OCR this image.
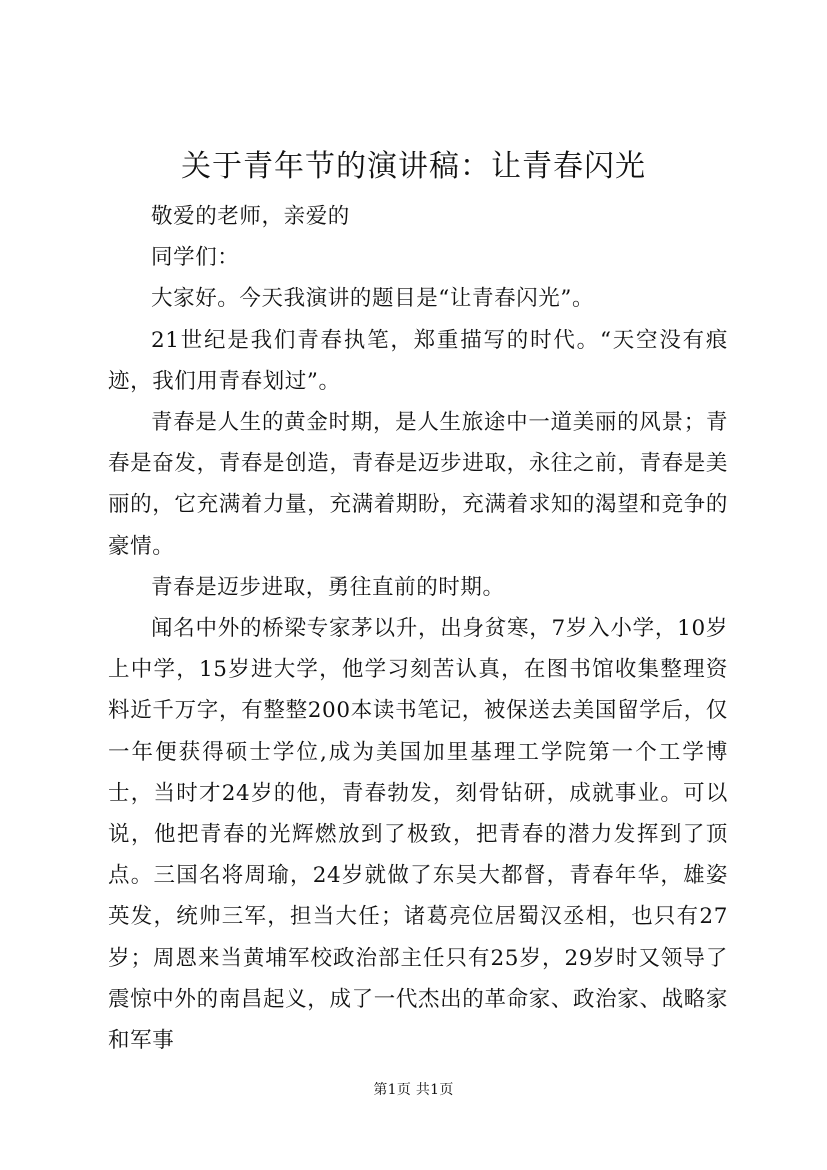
关于青年节的演讲稿：让青春闪光

敬爱的老师，亲爱的

同学们：

大家好。今天我演讲的题目是“让青春闪光”。

21世纪是我们青春执笔，郑重描写的时代。“天空没有痕迹，我们用青春划过”。

青春是人生的黄金时期，是人生旅途中一道美丽的风景；青春是奋发，青春是创造，青春是迈步进取，永往之前，青春是美丽的，它充满着力量，充满着期盼，充满着求知的渴望和竞争的豪情。

青春是迈步进取，勇往直前的时期。

闻名中外的桥梁专家茅以升，出身贫寒，7岁入小学，10岁上中学，15岁进大学，他学习刻苦认真，在图书馆收集整理资料近千万字，有整整200本读书笔记，被保送去美国留学后，仅一年便获得硕士学位,成为美国加里基理工学院第一个工学博士，当时才24岁的他，青春勃发，刻骨钻研，成就事业。可以说，他把青春的光辉燃放到了极致，把青春的潜力发挥到了顶点。三国名将周瑜，24岁就做了东吴大都督，青春年华，雄姿英发，统帅三军，担当大任；诸葛亮位居蜀汉丞相，也只有27岁；周恩来当黄埔军校政治部主任只有25岁，29岁时又领导了震惊中外的南昌起义，成了一代杰出的革命家、政治家、战略家和军事

第1页 共1页
